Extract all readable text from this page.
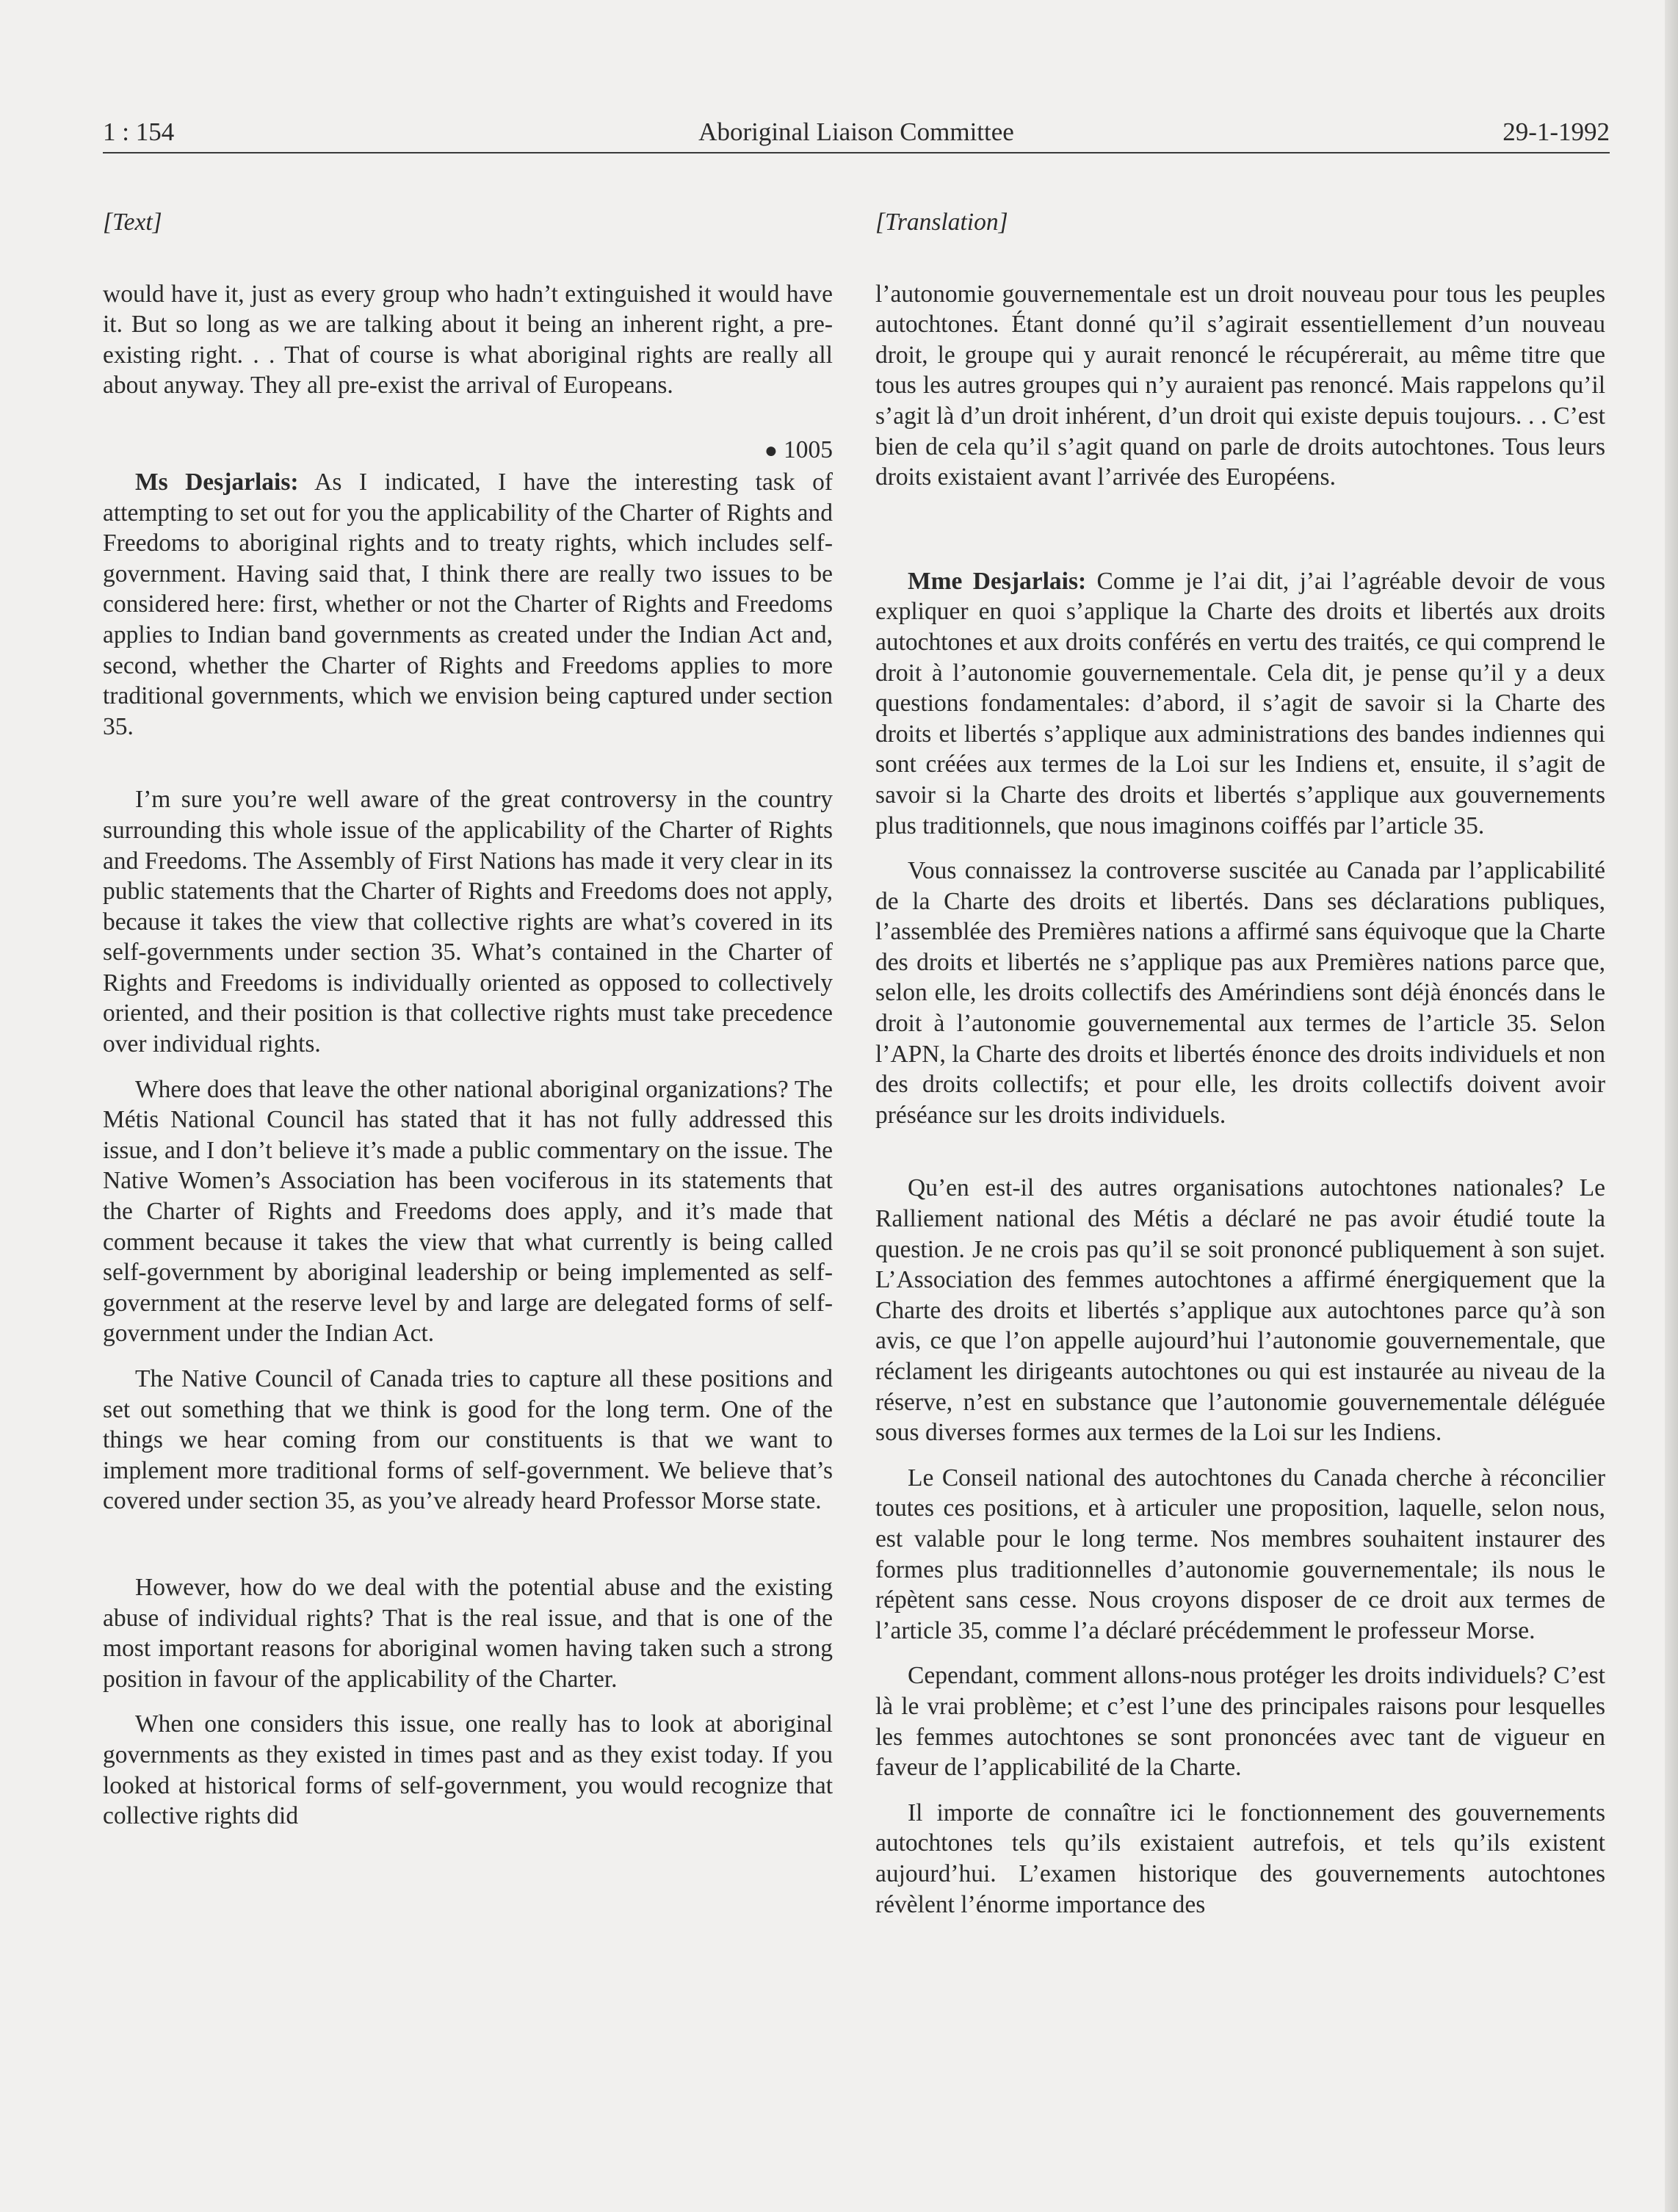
1 : 154	Aboriginal Liaison Committee	29-1-1992
[Text]

would have it, just as every group who hadn’t extinguished it would have it. But so long as we are talking about it being an inherent right, a pre-existing right. . . That of course is what aboriginal rights are really all about anyway. They all pre-exist the arrival of Europeans.

● 1005

Ms Desjarlais: As I indicated, I have the interesting task of attempting to set out for you the applicability of the Charter of Rights and Freedoms to aboriginal rights and to treaty rights, which includes self-government. Having said that, I think there are really two issues to be considered here: first, whether or not the Charter of Rights and Freedoms applies to Indian band governments as created under the Indian Act and, second, whether the Charter of Rights and Freedoms applies to more traditional governments, which we envision being captured under section 35.

I’m sure you’re well aware of the great controversy in the country surrounding this whole issue of the applicability of the Charter of Rights and Freedoms. The Assembly of First Nations has made it very clear in its public statements that the Charter of Rights and Freedoms does not apply, because it takes the view that collective rights are what’s covered in its self-governments under section 35. What’s contained in the Charter of Rights and Freedoms is individually oriented as opposed to collectively oriented, and their position is that collective rights must take precedence over individual rights.

Where does that leave the other national aboriginal organizations? The Métis National Council has stated that it has not fully addressed this issue, and I don’t believe it’s made a public commentary on the issue. The Native Women’s Association has been vociferous in its statements that the Charter of Rights and Freedoms does apply, and it’s made that comment because it takes the view that what currently is being called self-government by aboriginal leadership or being implemented as self-government at the reserve level by and large are delegated forms of self-government under the Indian Act.

The Native Council of Canada tries to capture all these positions and set out something that we think is good for the long term. One of the things we hear coming from our constituents is that we want to implement more traditional forms of self-government. We believe that’s covered under section 35, as you’ve already heard Professor Morse state.

However, how do we deal with the potential abuse and the existing abuse of individual rights? That is the real issue, and that is one of the most important reasons for aboriginal women having taken such a strong position in favour of the applicability of the Charter.

When one considers this issue, one really has to look at aboriginal governments as they existed in times past and as they exist today. If you looked at historical forms of self-government, you would recognize that collective rights did

[Translation]

l’autonomie gouvernementale est un droit nouveau pour tous les peuples autochtones. Étant donné qu’il s’agirait essentiellement d’un nouveau droit, le groupe qui y aurait renoncé le récupérerait, au même titre que tous les autres groupes qui n’y auraient pas renoncé. Mais rappelons qu’il s’agit là d’un droit inhérent, d’un droit qui existe depuis toujours. . . C’est bien de cela qu’il s’agit quand on parle de droits autochtones. Tous leurs droits existaient avant l’arrivée des Européens.

Mme Desjarlais: Comme je l’ai dit, j’ai l’agréable devoir de vous expliquer en quoi s’applique la Charte des droits et libertés aux droits autochtones et aux droits conférés en vertu des traités, ce qui comprend le droit à l’autonomie gouvernementale. Cela dit, je pense qu’il y a deux questions fondamentales: d’abord, il s’agit de savoir si la Charte des droits et libertés s’applique aux administrations des bandes indiennes qui sont créées aux termes de la Loi sur les Indiens et, ensuite, il s’agit de savoir si la Charte des droits et libertés s’applique aux gouvernements plus traditionnels, que nous imaginons coiffés par l’article 35.

Vous connaissez la controverse suscitée au Canada par l’applicabilité de la Charte des droits et libertés. Dans ses déclarations publiques, l’assemblée des Premières nations a affirmé sans équivoque que la Charte des droits et libertés ne s’applique pas aux Premières nations parce que, selon elle, les droits collectifs des Amérindiens sont déjà énoncés dans le droit à l’autonomie gouvernemental aux termes de l’article 35. Selon l’APN, la Charte des droits et libertés énonce des droits individuels et non des droits collectifs; et pour elle, les droits collectifs doivent avoir préséance sur les droits individuels.

Qu’en est-il des autres organisations autochtones nationales? Le Ralliement national des Métis a déclaré ne pas avoir étudié toute la question. Je ne crois pas qu’il se soit prononcé publiquement à son sujet. L’Association des femmes autochtones a affirmé énergiquement que la Charte des droits et libertés s’applique aux autochtones parce qu’à son avis, ce que l’on appelle aujourd’hui l’autonomie gouvernementale, que réclament les dirigeants autochtones ou qui est instaurée au niveau de la réserve, n’est en substance que l’autonomie gouvernementale déléguée sous diverses formes aux termes de la Loi sur les Indiens.

Le Conseil national des autochtones du Canada cherche à réconcilier toutes ces positions, et à articuler une proposition, laquelle, selon nous, est valable pour le long terme. Nos membres souhaitent instaurer des formes plus traditionnelles d’autonomie gouvernementale; ils nous le répètent sans cesse. Nous croyons disposer de ce droit aux termes de l’article 35, comme l’a déclaré précédemment le professeur Morse.

Cependant, comment allons-nous protéger les droits individuels? C’est là le vrai problème; et c’est l’une des principales raisons pour lesquelles les femmes autochtones se sont prononcées avec tant de vigueur en faveur de l’applicabilité de la Charte.

Il importe de connaître ici le fonctionnement des gouvernements autochtones tels qu’ils existaient autrefois, et tels qu’ils existent aujourd’hui. L’examen historique des gouvernements autochtones révèlent l’énorme importance des
